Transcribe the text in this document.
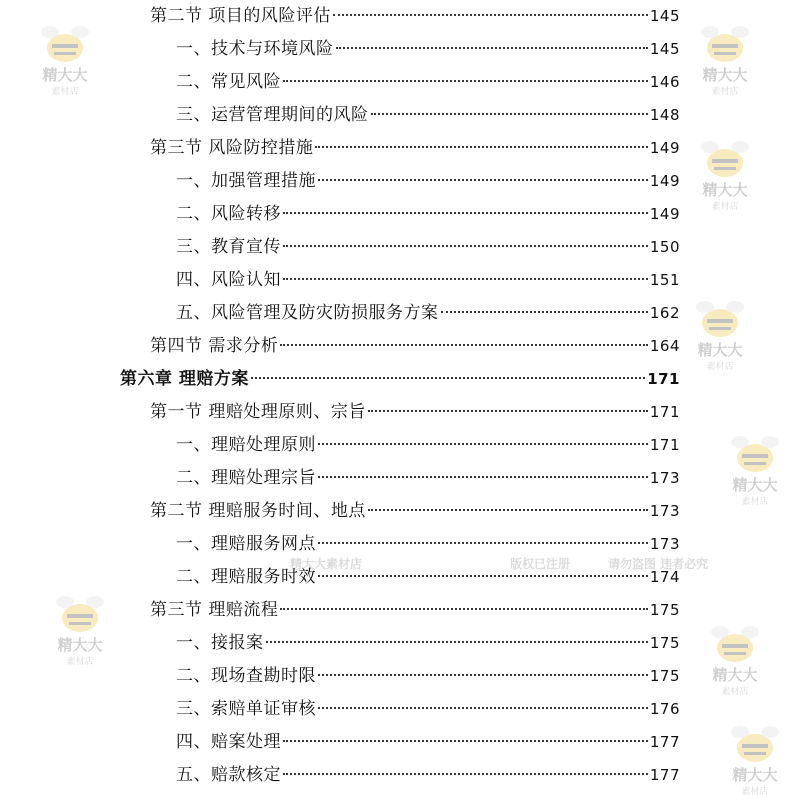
第二节 项目的风险评估	145
一、技术与环境风险	145
二、常见风险	146
三、运营管理期间的风险	148
第三节 风险防控措施	149
一、加强管理措施	149
二、风险转移	149
三、教育宣传	150
四、风险认知	151
五、风险管理及防灾防损服务方案	162
第四节 需求分析	164
第六章 理赔方案	171
第一节 理赔处理原则、宗旨	171
一、理赔处理原则	171
二、理赔处理宗旨	173
第二节 理赔服务时间、地点	173
一、理赔服务网点	173
二、理赔服务时效	174
第三节 理赔流程	175
一、接报案	175
二、现场查勘时限	175
三、索赔单证审核	176
四、赔案处理	177
五、赔款核定	177
精大大
素材店
精大大
素材店
精大大
素材店
精大大
素材店
精大大
素材店
精大大
素材店
精大大
素材店
精大大
素材店
精大大素材店	版权已注册	请勿盗图 违者必究
